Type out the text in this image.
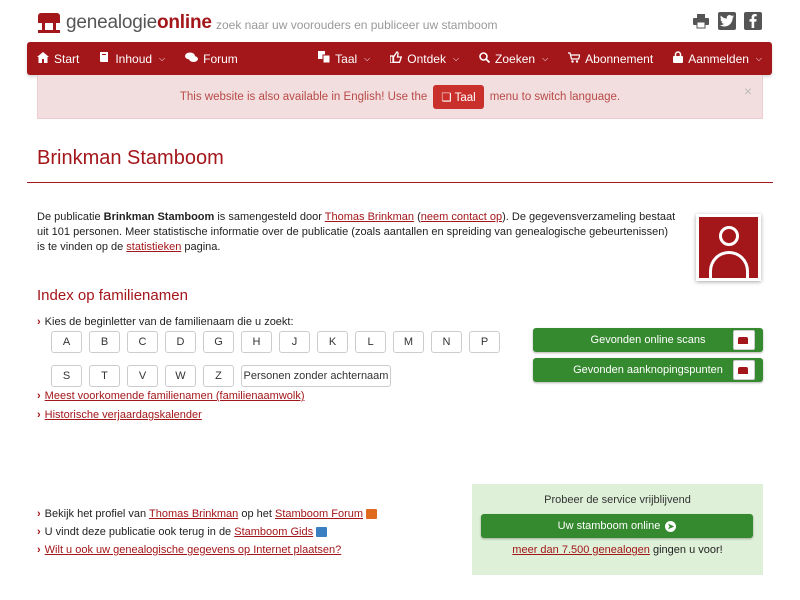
genealogieonline zoek naar uw voorouders en publiceer uw stamboom
Start	Inhoud ⌵	Forum	Taal ⌵	Ontdek ⌵	Zoeken ⌵	Abonnement	Aanmelden ⌵
This website is also available in English! Use the	❏ Taal	menu to switch language.	×
Brinkman Stamboom
De publicatie Brinkman Stamboom is samengesteld door Thomas Brinkman (neem contact op). De gegevensverzameling bestaat uit 101 personen. Meer statistische informatie over de publicatie (zoals aantallen en spreiding van genealogische gebeurtenissen) is te vinden op de statistieken pagina.
Index op familienamen
› Kies de beginletter van de familienaam die u zoekt:
A	B	C	D	G	H	J	K	L	M	N	P
S	T	V	W	Z	Personen zonder achternaam
› Meest voorkomende familienamen (familienaamwolk)
› Historische verjaardagskalender
Gevonden online scans
Gevonden aanknopingspunten
› Bekijk het profiel van Thomas Brinkman op het Stamboom Forum
› U vindt deze publicatie ook terug in de Stamboom Gids
› Wilt u ook uw genealogische gegevens op Internet plaatsen?
Probeer de service vrijblijvend
Uw stamboom online ➤
meer dan 7.500 genealogen gingen u voor!
